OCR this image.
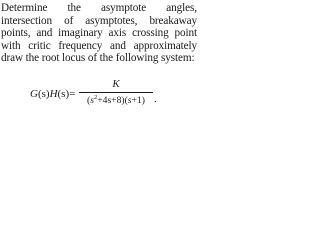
Determine the asymptote angles,
intersection of asymptotes, breakaway
points, and imaginary axis crossing point
with critic frequency and approximately
draw the root locus of the following system:
G(s)H(s)=
K
$(s^2+4s+8)(s+1)$ .
